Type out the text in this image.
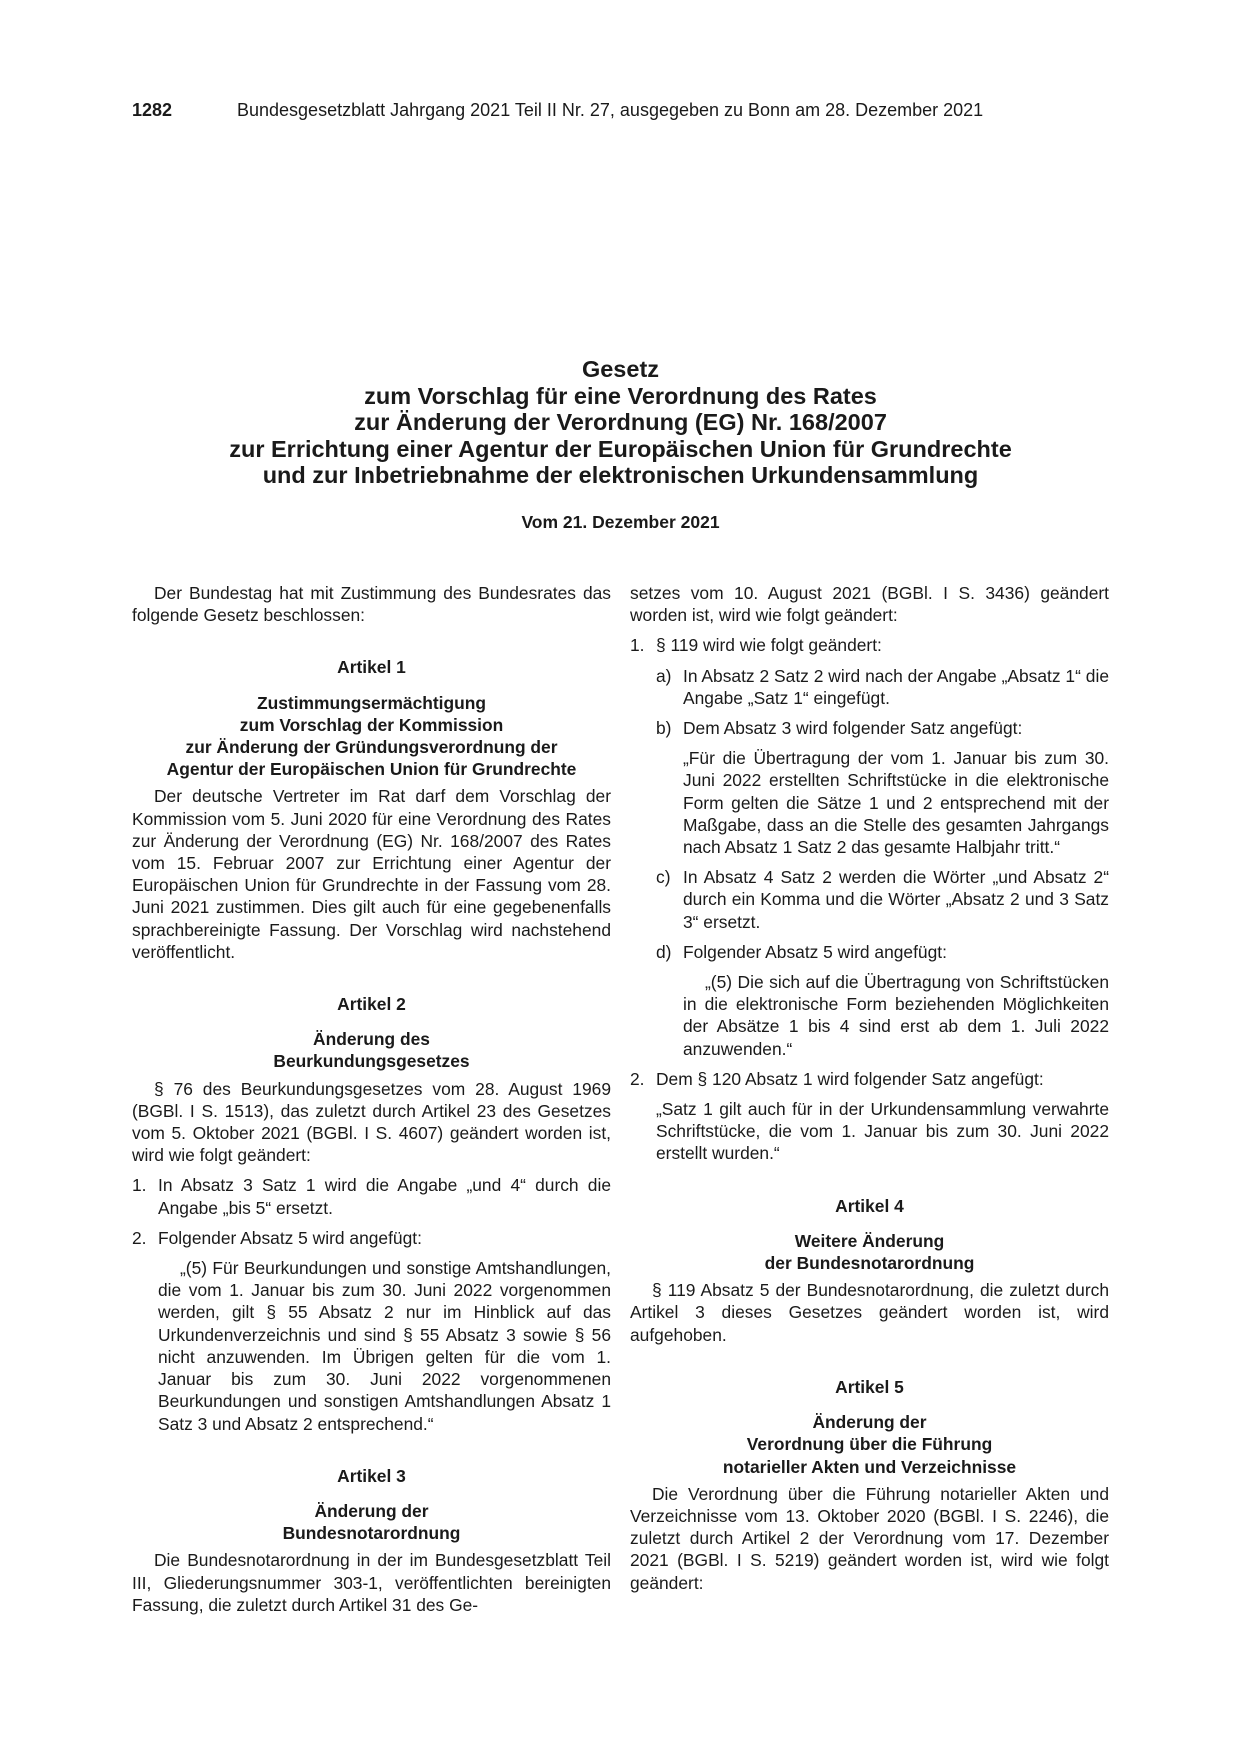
1282	Bundesgesetzblatt Jahrgang 2021 Teil II Nr. 27, ausgegeben zu Bonn am 28. Dezember 2021

Gesetz

zum Vorschlag für eine Verordnung des Rates

zur Änderung der Verordnung (EG) Nr. 168/2007

zur Errichtung einer Agentur der Europäischen Union für Grundrechte

und zur Inbetriebnahme der elektronischen Urkundensammlung

Vom 21. Dezember 2021

Der Bundestag hat mit Zustimmung des Bundesrates das folgende Gesetz beschlossen:

Artikel 1

Zustimmungsermächtigung

zum Vorschlag der Kommission

zur Änderung der Gründungsverordnung der

Agentur der Europäischen Union für Grundrechte

Der deutsche Vertreter im Rat darf dem Vorschlag der Kommission vom 5. Juni 2020 für eine Verordnung des Rates zur Änderung der Verordnung (EG) Nr. 168/2007 des Rates vom 15. Februar 2007 zur Errichtung einer Agentur der Europäischen Union für Grundrechte in der Fassung vom 28. Juni 2021 zustimmen. Dies gilt auch für eine gegebenenfalls sprachbereinigte Fassung. Der Vorschlag wird nachstehend veröffentlicht.

Artikel 2

Änderung des

Beurkundungsgesetzes

§ 76 des Beurkundungsgesetzes vom 28. August 1969 (BGBl. I S. 1513), das zuletzt durch Artikel 23 des Gesetzes vom 5. Oktober 2021 (BGBl. I S. 4607) geändert worden ist, wird wie folgt geändert:

1. In Absatz 3 Satz 1 wird die Angabe „und 4“ durch die Angabe „bis 5“ ersetzt.
2. Folgender Absatz 5 wird angefügt:

„(5) Für Beurkundungen und sonstige Amtshandlungen, die vom 1. Januar bis zum 30. Juni 2022 vorgenommen werden, gilt § 55 Absatz 2 nur im Hinblick auf das Urkundenverzeichnis und sind § 55 Absatz 3 sowie § 56 nicht anzuwenden. Im Übrigen gelten für die vom 1. Januar bis zum 30. Juni 2022 vorgenommenen Beurkundungen und sonstigen Amtshandlungen Absatz 1 Satz 3 und Absatz 2 entsprechend.“

Artikel 3

Änderung der

Bundesnotarordnung

Die Bundesnotarordnung in der im Bundesgesetzblatt Teil III, Gliederungsnummer 303-1, veröffentlichten bereinigten Fassung, die zuletzt durch Artikel 31 des Ge-

setzes vom 10. August 2021 (BGBl. I S. 3436) geändert worden ist, wird wie folgt geändert:

1. § 119 wird wie folgt geändert:
a) In Absatz 2 Satz 2 wird nach der Angabe „Absatz 1“ die Angabe „Satz 1“ eingefügt.
b) Dem Absatz 3 wird folgender Satz angefügt:

„Für die Übertragung der vom 1. Januar bis zum 30. Juni 2022 erstellten Schriftstücke in die elektronische Form gelten die Sätze 1 und 2 entsprechend mit der Maßgabe, dass an die Stelle des gesamten Jahrgangs nach Absatz 1 Satz 2 das gesamte Halbjahr tritt.“

c) In Absatz 4 Satz 2 werden die Wörter „und Absatz 2“ durch ein Komma und die Wörter „Absatz 2 und 3 Satz 3“ ersetzt.
d) Folgender Absatz 5 wird angefügt:

„(5) Die sich auf die Übertragung von Schriftstücken in die elektronische Form beziehenden Möglichkeiten der Absätze 1 bis 4 sind erst ab dem 1. Juli 2022 anzuwenden.“

2. Dem § 120 Absatz 1 wird folgender Satz angefügt:

„Satz 1 gilt auch für in der Urkundensammlung verwahrte Schriftstücke, die vom 1. Januar bis zum 30. Juni 2022 erstellt wurden.“

Artikel 4

Weitere Änderung

der Bundesnotarordnung

§ 119 Absatz 5 der Bundesnotarordnung, die zuletzt durch Artikel 3 dieses Gesetzes geändert worden ist, wird aufgehoben.

Artikel 5

Änderung der

Verordnung über die Führung

notarieller Akten und Verzeichnisse

Die Verordnung über die Führung notarieller Akten und Verzeichnisse vom 13. Oktober 2020 (BGBl. I S. 2246), die zuletzt durch Artikel 2 der Verordnung vom 17. Dezember 2021 (BGBl. I S. 5219) geändert worden ist, wird wie folgt geändert:
